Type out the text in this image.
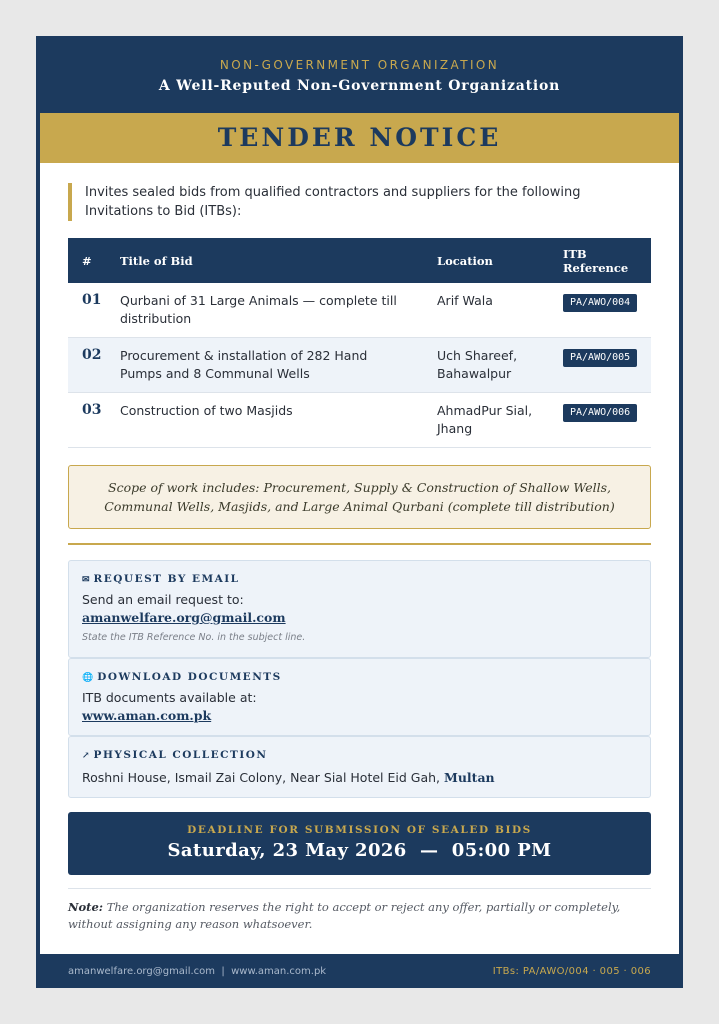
NON-GOVERNMENT ORGANIZATION
A Well-Reputed Non-Government Organization
TENDER NOTICE
Invites sealed bids from qualified contractors and suppliers for the following Invitations to Bid (ITBs):
#	Title of Bid	Location	ITB Reference
01	Qurbani of 31 Large Animals — complete till distribution	Arif Wala	PA/AWO/004
02	Procurement & installation of 282 Hand Pumps and 8 Communal Wells	Uch Shareef, Bahawalpur	PA/AWO/005
03	Construction of two Masjids	AhmadPur Sial, Jhang	PA/AWO/006
Scope of work includes: Procurement, Supply & Construction of Shallow Wells, Communal Wells, Masjids, and Large Animal Qurbani (complete till distribution)
✉ REQUEST BY EMAIL
Send an email request to:
amanwelfare.org@gmail.com
State the ITB Reference No. in the subject line.
🌐 DOWNLOAD DOCUMENTS
ITB documents available at:
www.aman.com.pk
↗ PHYSICAL COLLECTION
Roshni House, Ismail Zai Colony, Near Sial Hotel Eid Gah, Multan
DEADLINE FOR SUBMISSION OF SEALED BIDS
Saturday, 23 May 2026  —  05:00 PM
Note: The organization reserves the right to accept or reject any offer, partially or completely, without assigning any reason whatsoever.
amanwelfare.org@gmail.com  |  www.aman.com.pk	ITBs: PA/AWO/004 · 005 · 006
